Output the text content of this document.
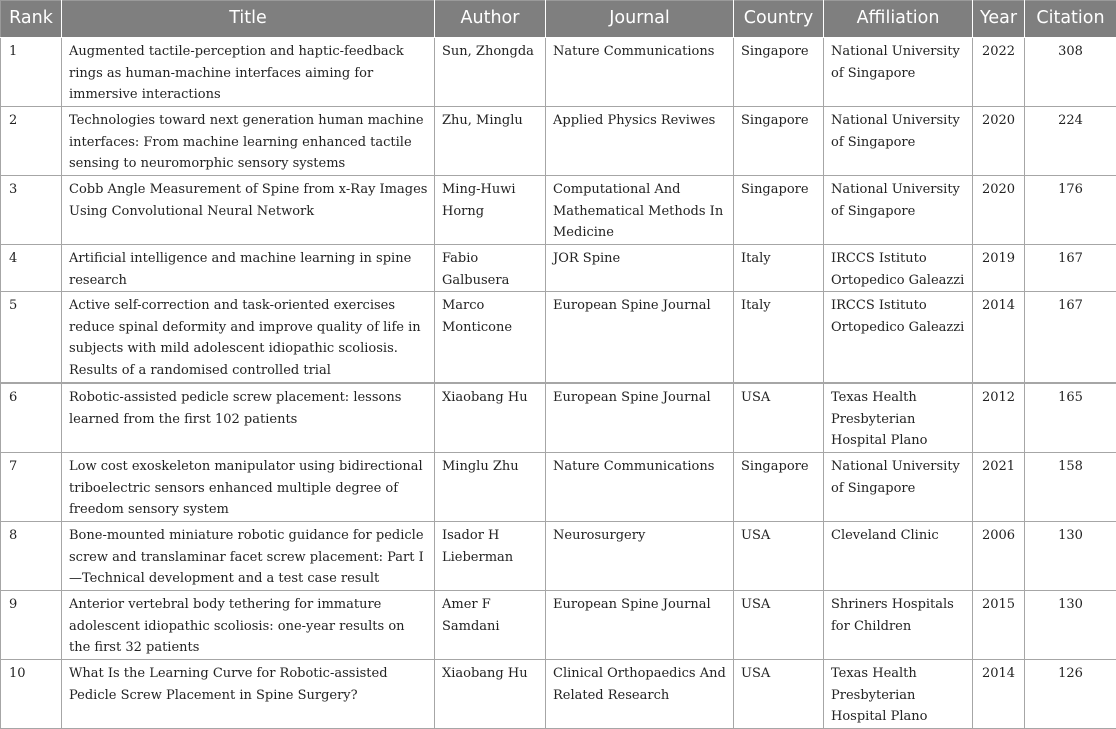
Rank	Title	Author	Journal	Country	Affiliation	Year	Citation
1	Augmented tactile-perception and haptic-feedback rings as human-machine interfaces aiming for immersive interactions	Sun, Zhongda	Nature Communications	Singapore	National University of Singapore	2022	308
2	Technologies toward next generation human machine interfaces: From machine learning enhanced tactile sensing to neuromorphic sensory systems	Zhu, Minglu	Applied Physics Reviwes	Singapore	National University of Singapore	2020	224
3	Cobb Angle Measurement of Spine from x-Ray Images Using Convolutional Neural Network	Ming-Huwi Horng	Computational And Mathematical Methods In Medicine	Singapore	National University of Singapore	2020	176
4	Artificial intelligence and machine learning in spine research	Fabio Galbusera	JOR Spine	Italy	IRCCS Istituto Ortopedico Galeazzi	2019	167
5	Active self-correction and task-oriented exercises reduce spinal deformity and improve quality of life in subjects with mild adolescent idiopathic scoliosis. Results of a randomised controlled trial	Marco Monticone	European Spine Journal	Italy	IRCCS Istituto Ortopedico Galeazzi	2014	167
6	Robotic-assisted pedicle screw placement: lessons learned from the first 102 patients	Xiaobang Hu	European Spine Journal	USA	Texas Health Presbyterian Hospital Plano	2012	165
7	Low cost exoskeleton manipulator using bidirectional triboelectric sensors enhanced multiple degree of freedom sensory system	Minglu Zhu	Nature Communications	Singapore	National University of Singapore	2021	158
8	Bone-mounted miniature robotic guidance for pedicle screw and translaminar facet screw placement: Part I—Technical development and a test case result	Isador H Lieberman	Neurosurgery	USA	Cleveland Clinic	2006	130
9	Anterior vertebral body tethering for immature adolescent idiopathic scoliosis: one-year results on the first 32 patients	Amer F Samdani	European Spine Journal	USA	Shriners Hospitals for Children	2015	130
10	What Is the Learning Curve for Robotic-assisted Pedicle Screw Placement in Spine Surgery?	Xiaobang Hu	Clinical Orthopaedics And Related Research	USA	Texas Health Presbyterian Hospital Plano	2014	126
